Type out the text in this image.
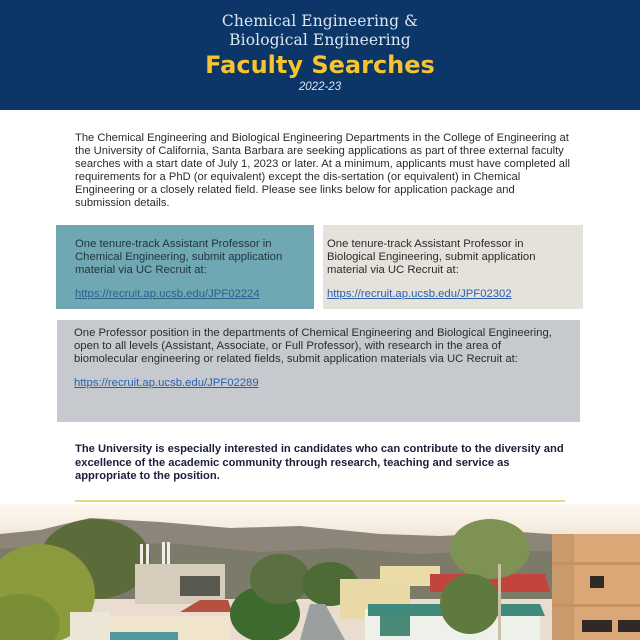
Chemical Engineering &
Biological Engineering
Faculty Searches
2022-23
The Chemical Engineering and Biological Engineering Departments in the College of Engineering at the University of California, Santa Barbara are seeking applications as part of three external faculty searches with a start date of July 1, 2023 or later. At a minimum, applicants must have completed all requirements for a PhD (or equivalent) except the dis-sertation (or equivalent) in Chemical Engineering or a closely related field. Please see links below for application package and submission details.

One tenure-track Assistant Professor in Chemical Engineering, submit application material via UC Recruit at:

https://recruit.ap.ucsb.edu/JPF02224

One tenure-track Assistant Professor in Biological Engineering, submit application material via UC Recruit at:

https://recruit.ap.ucsb.edu/JPF02302

One Professor position in the departments of Chemical Engineering and Biological Engineering, open to all levels (Assistant, Associate, or Full Professor), with research in the area of biomolecular engineering or related fields, submit application materials via UC Recruit at:

https://recruit.ap.ucsb.edu/JPF02289
The University is especially interested in candidates who can contribute to the diversity and excellence of the academic community through research, teaching and service as appropriate to the position.
